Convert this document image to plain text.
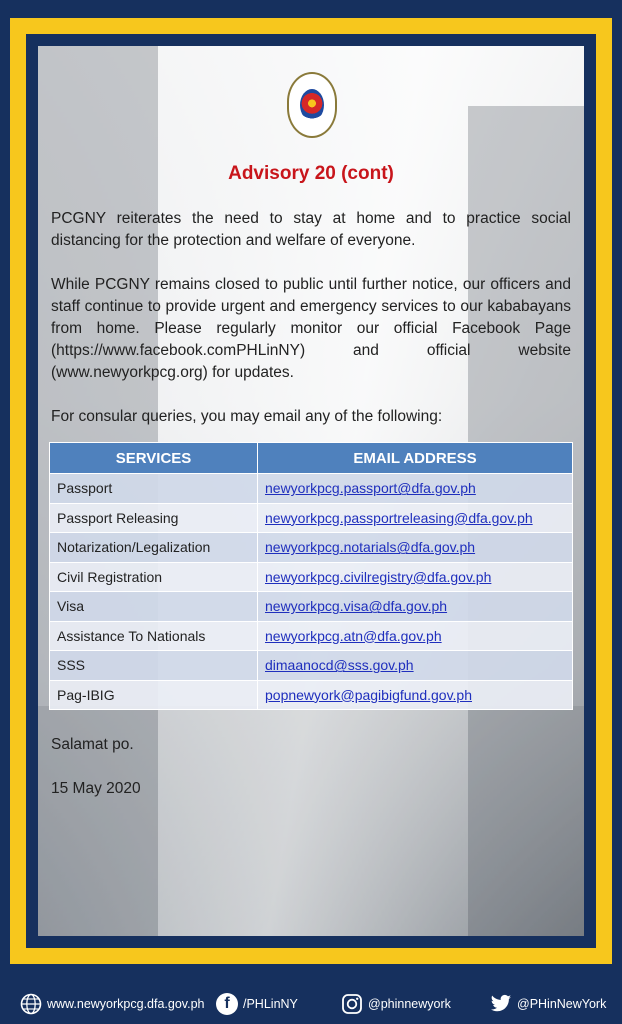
Advisory 20 (cont)
PCGNY reiterates the need to stay at home and to practice social distancing for the protection and welfare of everyone.
While PCGNY remains closed to public until further notice, our officers and staff continue to provide urgent and emergency services to our kababayans from home. Please regularly monitor our official Facebook Page (https://www.facebook.comPHLinNY) and official website (www.newyorkpcg.org) for updates.
For consular queries, you may email any of the following:
SERVICES	EMAIL ADDRESS
Passport	newyorkpcg.passport@dfa.gov.ph
Passport Releasing	newyorkpcg.passportreleasing@dfa.gov.ph
Notarization/Legalization	newyorkpcg.notarials@dfa.gov.ph
Civil Registration	newyorkpcg.civilregistry@dfa.gov.ph
Visa	newyorkpcg.visa@dfa.gov.ph
Assistance To Nationals	newyorkpcg.atn@dfa.gov.ph
SSS	dimaanocd@sss.gov.ph
Pag-IBIG	popnewyork@pagibigfund.gov.ph
Salamat po.
15 May 2020
www.newyorkpcg.dfa.gov.ph	f	/PHLinNY	@phinnewyork	@PHinNewYork
